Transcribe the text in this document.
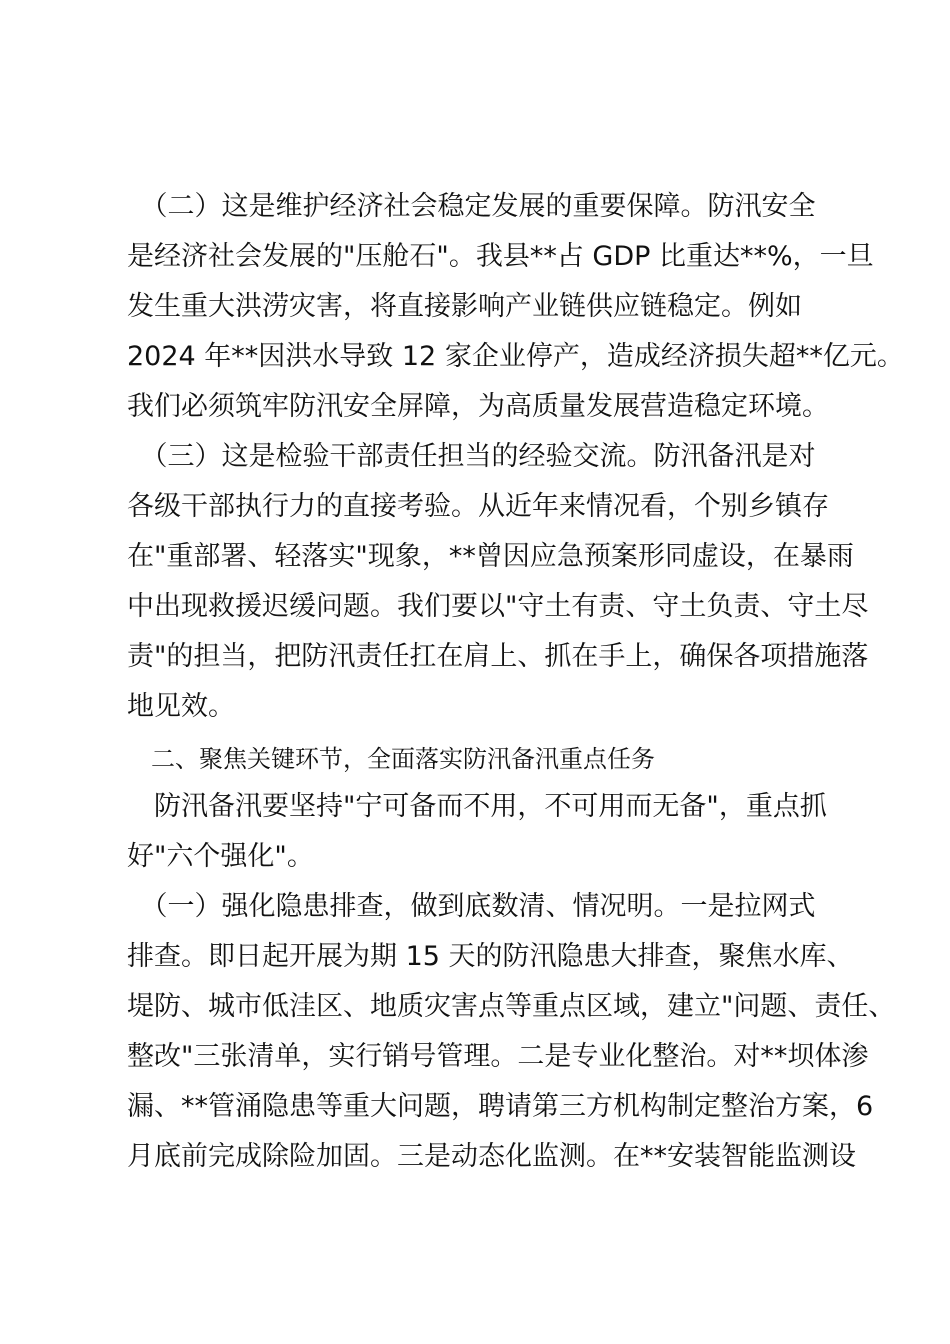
　（二）这是维护经济社会稳定发展的重要保障。防汛安全
是经济社会发展的"压舱石"。我县**占 GDP 比重达**%，一旦
发生重大洪涝灾害，将直接影响产业链供应链稳定。例如
2024 年**因洪水导致 12 家企业停产，造成经济损失超**亿元。
我们必须筑牢防汛安全屏障，为高质量发展营造稳定环境。
　（三）这是检验干部责任担当的经验交流。防汛备汛是对
各级干部执行力的直接考验。从近年来情况看，个别乡镇存
在"重部署、轻落实"现象，**曾因应急预案形同虚设，在暴雨
中出现救援迟缓问题。我们要以"守土有责、守土负责、守土尽
责"的担当，把防汛责任扛在肩上、抓在手上，确保各项措施落
地见效。
　二、聚焦关键环节，全面落实防汛备汛重点任务
　防汛备汛要坚持"宁可备而不用，不可用而无备"，重点抓
好"六个强化"。
　（一）强化隐患排查，做到底数清、情况明。一是拉网式
排查。即日起开展为期 15 天的防汛隐患大排查，聚焦水库、
堤防、城市低洼区、地质灾害点等重点区域，建立"问题、责任、
整改"三张清单，实行销号管理。二是专业化整治。对**坝体渗
漏、**管涌隐患等重大问题，聘请第三方机构制定整治方案，6
月底前完成除险加固。三是动态化监测。在**安装智能监测设
